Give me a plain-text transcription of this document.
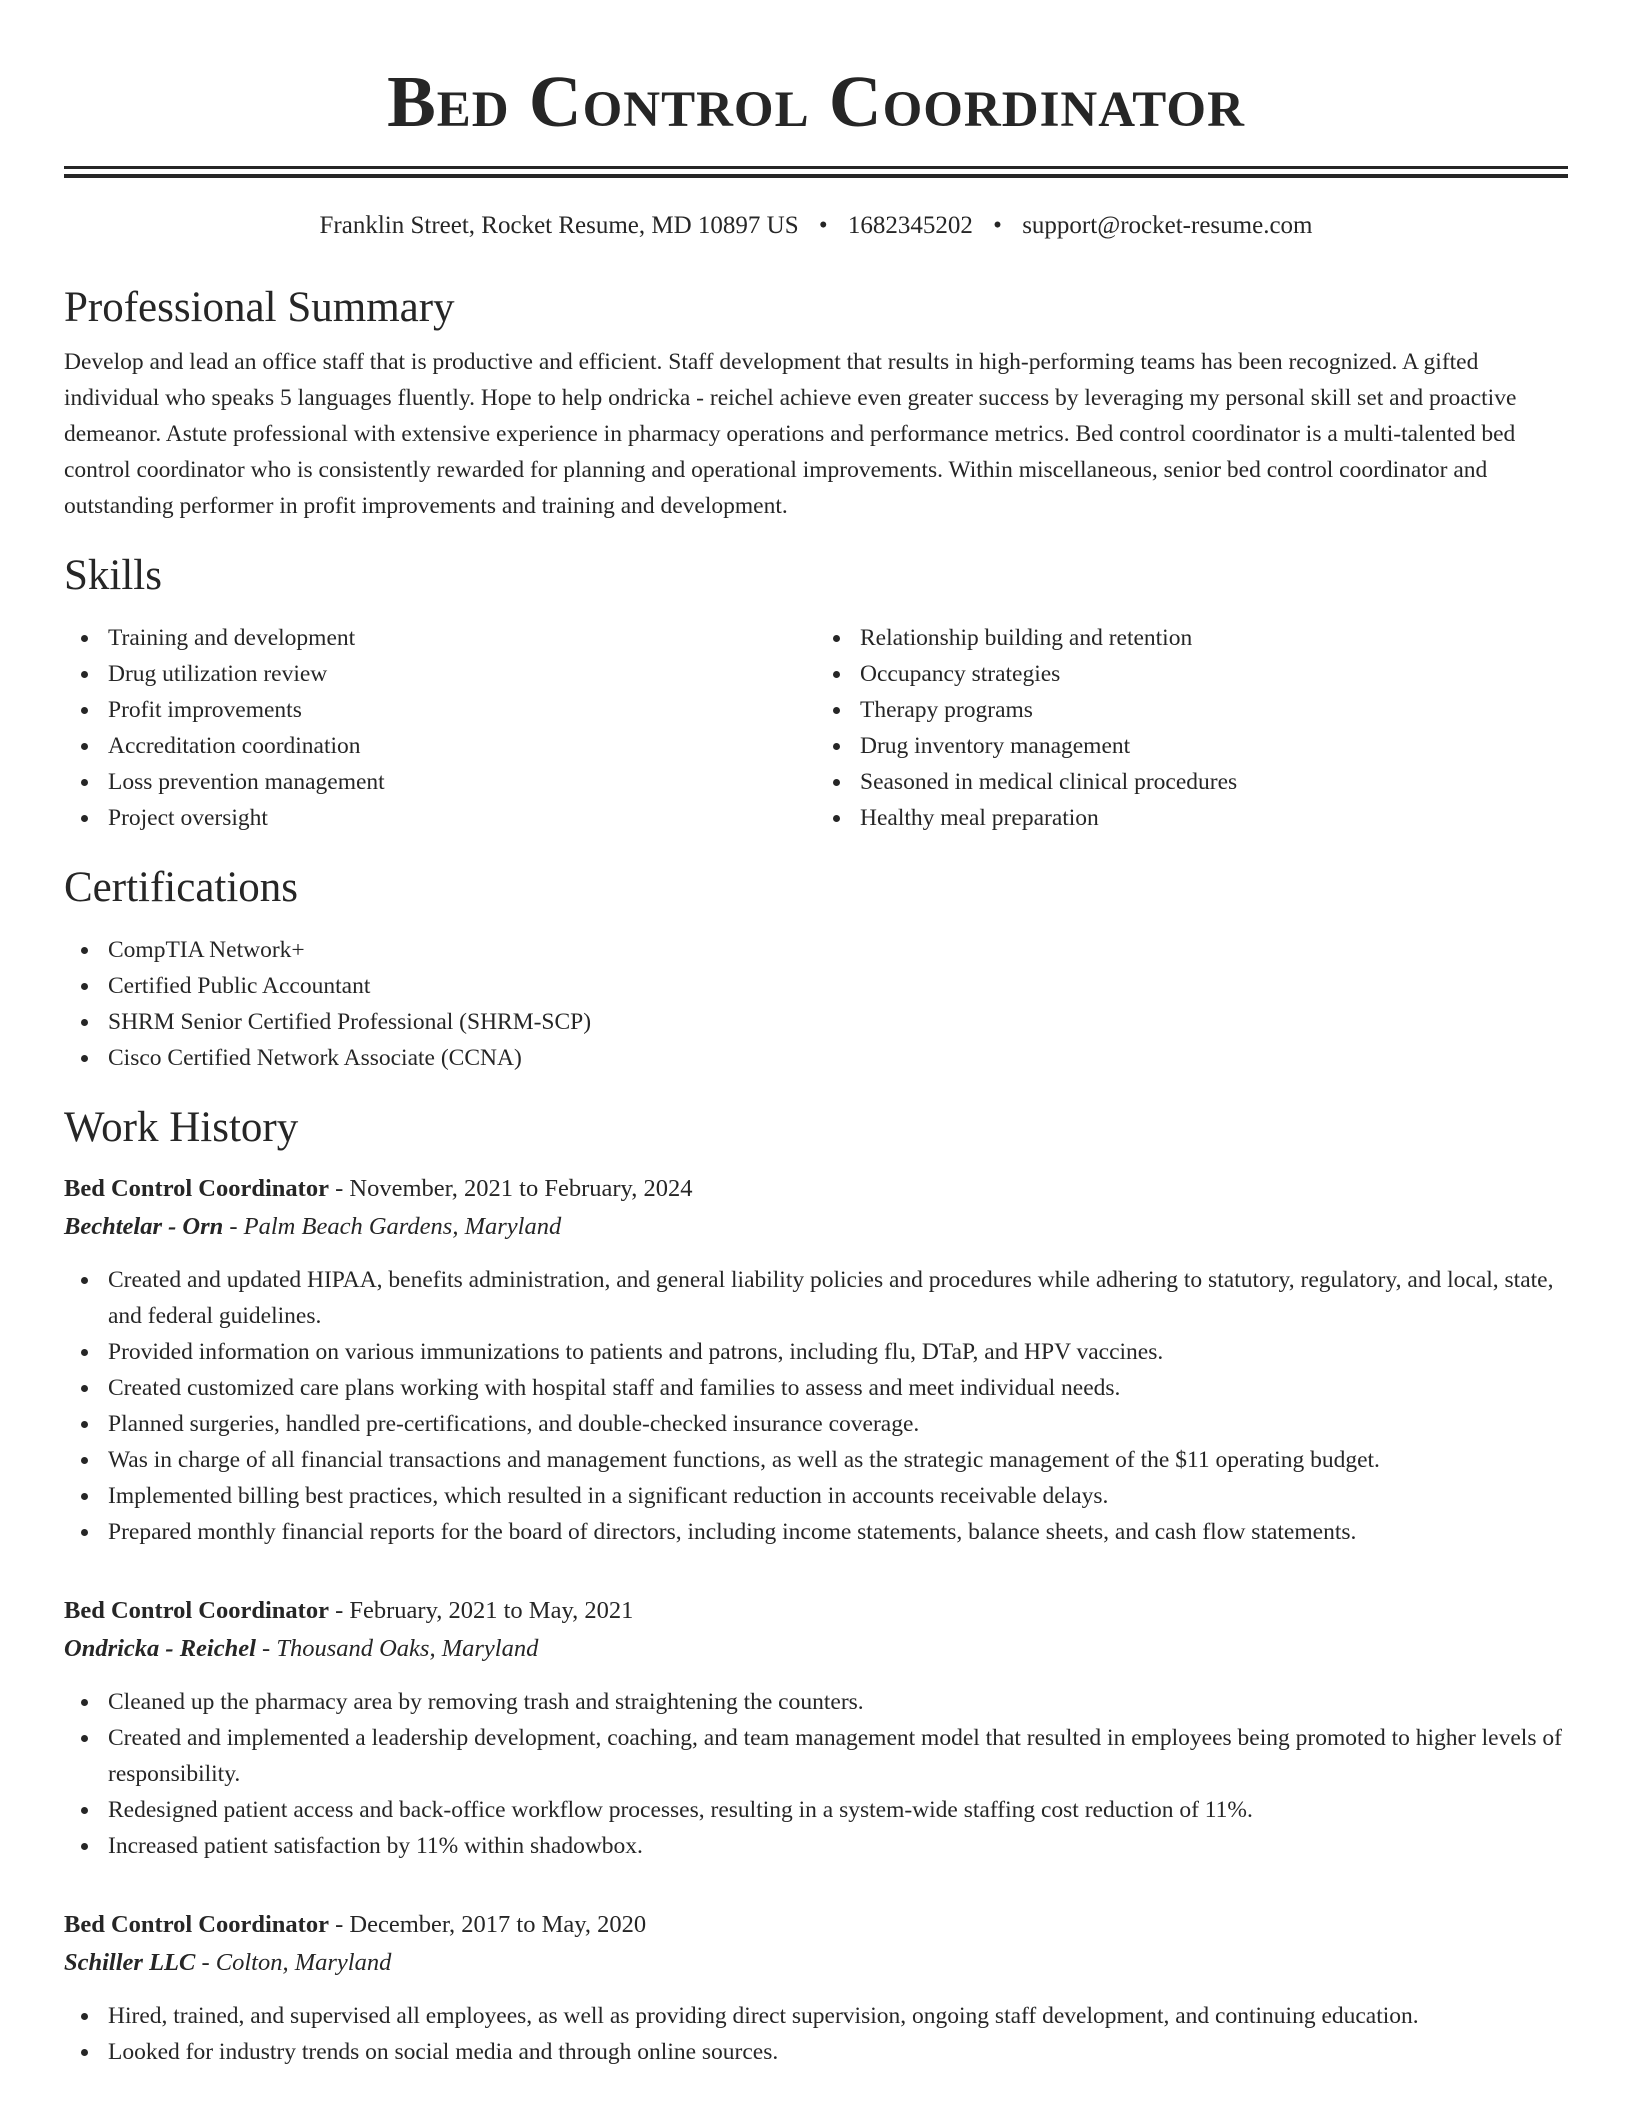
Bed Control Coordinator
Franklin Street, Rocket Resume, MD 10897 US • 1682345202 • support@rocket-resume.com
Professional Summary

Develop and lead an office staff that is productive and efficient. Staff development that results in high-performing teams has been recognized. A gifted individual who speaks 5 languages fluently. Hope to help ondricka - reichel achieve even greater success by leveraging my personal skill set and proactive demeanor. Astute professional with extensive experience in pharmacy operations and performance metrics. Bed control coordinator is a multi-talented bed control coordinator who is consistently rewarded for planning and operational improvements. Within miscellaneous, senior bed control coordinator and outstanding performer in profit improvements and training and development.

Skills
Training and development
Drug utilization review
Profit improvements
Accreditation coordination
Loss prevention management
Project oversight
Relationship building and retention
Occupancy strategies
Therapy programs
Drug inventory management
Seasoned in medical clinical procedures
Healthy meal preparation
Certifications
CompTIA Network+
Certified Public Accountant
SHRM Senior Certified Professional (SHRM-SCP)
Cisco Certified Network Associate (CCNA)
Work History
Bed Control Coordinator - November, 2021 to February, 2024
Bechtelar - Orn - Palm Beach Gardens, Maryland
Created and updated HIPAA, benefits administration, and general liability policies and procedures while adhering to statutory, regulatory, and local, state, and federal guidelines.
Provided information on various immunizations to patients and patrons, including flu, DTaP, and HPV vaccines.
Created customized care plans working with hospital staff and families to assess and meet individual needs.
Planned surgeries, handled pre-certifications, and double-checked insurance coverage.
Was in charge of all financial transactions and management functions, as well as the strategic management of the $11 operating budget.
Implemented billing best practices, which resulted in a significant reduction in accounts receivable delays.
Prepared monthly financial reports for the board of directors, including income statements, balance sheets, and cash flow statements.
Bed Control Coordinator - February, 2021 to May, 2021
Ondricka - Reichel - Thousand Oaks, Maryland
Cleaned up the pharmacy area by removing trash and straightening the counters.
Created and implemented a leadership development, coaching, and team management model that resulted in employees being promoted to higher levels of responsibility.
Redesigned patient access and back-office workflow processes, resulting in a system-wide staffing cost reduction of 11%.
Increased patient satisfaction by 11% within shadowbox.
Bed Control Coordinator - December, 2017 to May, 2020
Schiller LLC - Colton, Maryland
Hired, trained, and supervised all employees, as well as providing direct supervision, ongoing staff development, and continuing education.
Looked for industry trends on social media and through online sources.
